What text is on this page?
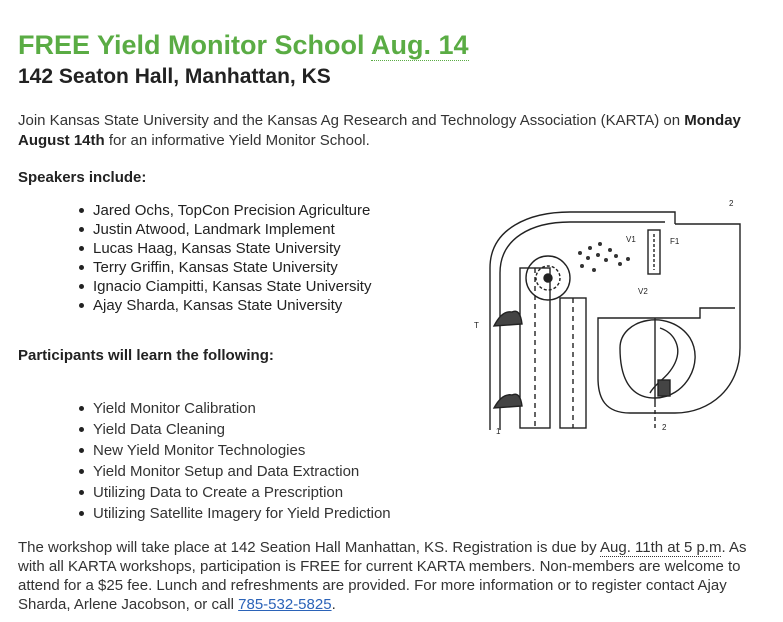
FREE Yield Monitor School Aug. 14
142 Seaton Hall, Manhattan, KS

Join Kansas State University and the Kansas Ag Research and Technology Association (KARTA) on Monday August 14th for an informative Yield Monitor School.

Speakers include:

Jared Ochs, TopCon Precision Agriculture
Justin Atwood, Landmark Implement
Lucas Haag, Kansas State University
Terry Griffin, Kansas State University
Ignacio Ciampitti, Kansas State University
Ajay Sharda, Kansas State University

Participants will learn the following:

Yield Monitor Calibration
Yield Data Cleaning
New Yield Monitor Technologies
Yield Monitor Setup and Data Extraction
Utilizing Data to Create a Prescription
Utilizing Satellite Imagery for Yield Prediction
T
V1	F1
V2
2
2
1

The workshop will take place at 142 Seation Hall Manhattan, KS. Registration is due by Aug. 11th at 5 p.m. As with all KARTA workshops, participation is FREE for current KARTA members. Non-members are welcome to attend for a $25 fee. Lunch and refreshments are provided. For more information or to register contact Ajay Sharda, Arlene Jacobson, or call 785-532-5825.
